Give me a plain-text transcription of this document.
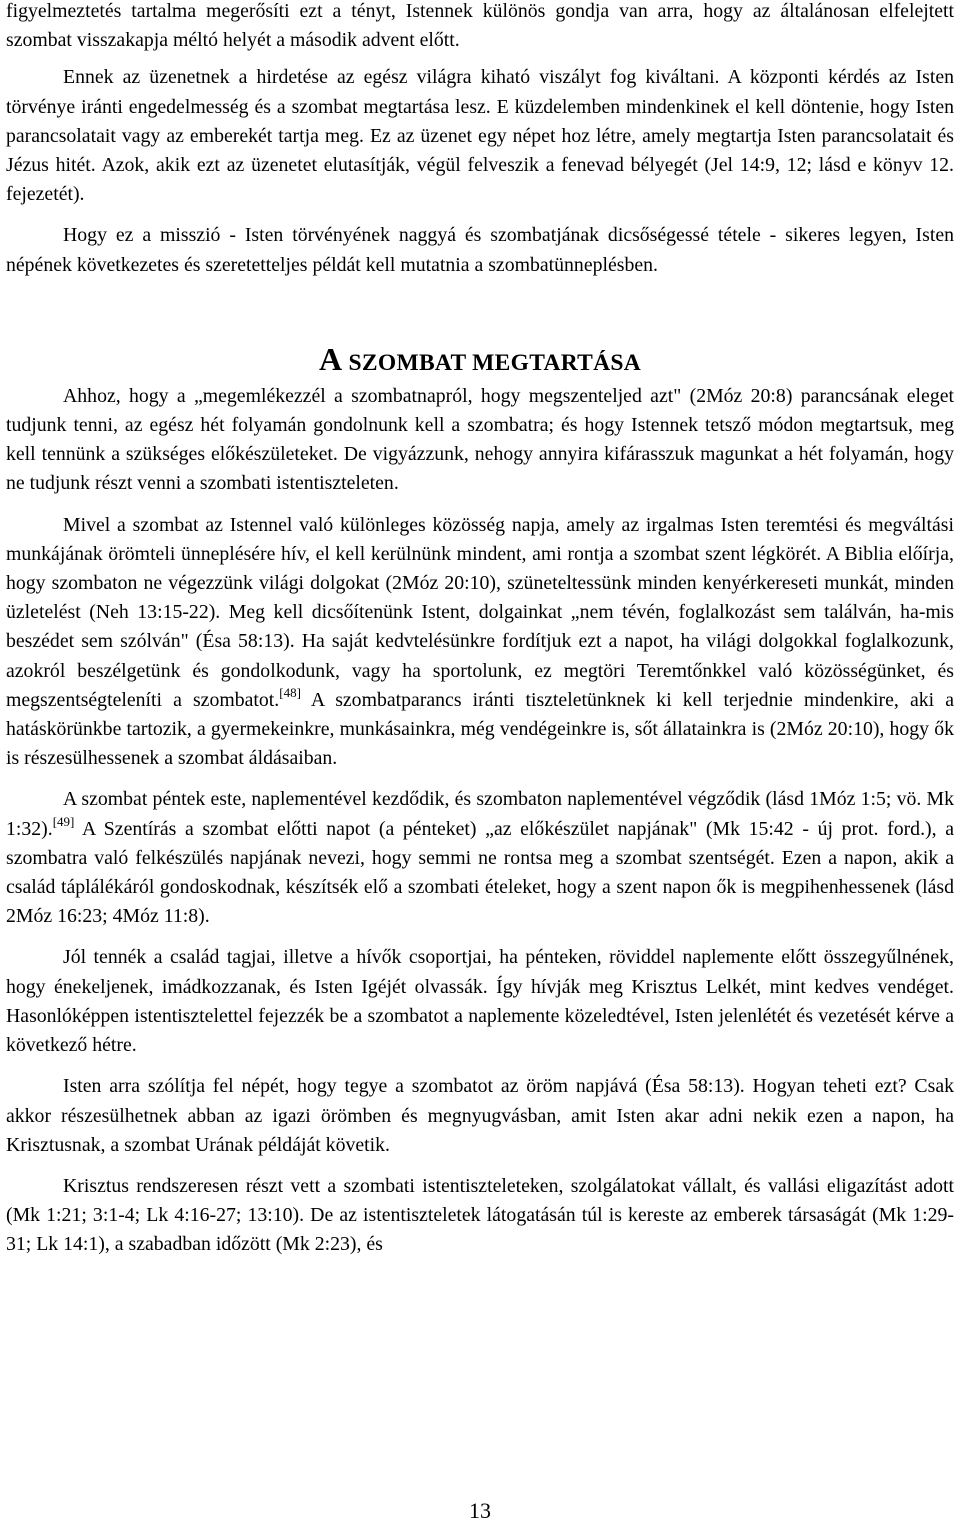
figyelmeztetés tartalma megerősíti ezt a tényt, Istennek különös gondja van arra, hogy az általánosan elfelejtett szombat visszakapja méltó helyét a második advent előtt.

Ennek az üzenetnek a hirdetése az egész világra kiható viszályt fog kiváltani. A központi kérdés az Isten törvénye iránti engedelmesség és a szombat megtartása lesz. E küzdelemben mindenkinek el kell döntenie, hogy Isten parancsolatait vagy az emberekét tartja meg. Ez az üzenet egy népet hoz létre, amely megtartja Isten parancsolatait és Jézus hitét. Azok, akik ezt az üzenetet elutasítják, végül felveszik a fenevad bélyegét (Jel 14:9, 12; lásd e könyv 12. fejezetét).

Hogy ez a misszió - Isten törvényének naggyá és szombatjának dicsőségessé tétele - sikeres legyen, Isten népének következetes és szeretetteljes példát kell mutatnia a szombatünneplésben.

A SZOMBAT MEGTARTÁSA

Ahhoz, hogy a „megemlékezzél a szombatnapról, hogy megszenteljed azt" (2Móz 20:8) parancsának eleget tudjunk tenni, az egész hét folyamán gondolnunk kell a szombatra; és hogy Istennek tetsző módon megtartsuk, meg kell tennünk a szükséges előkészületeket. De vigyázzunk, nehogy annyira kifárasszuk magunkat a hét folyamán, hogy ne tudjunk részt venni a szombati istentiszteleten.

Mivel a szombat az Istennel való különleges közösség napja, amely az irgalmas Isten teremtési és megváltási munkájának örömteli ünneplésére hív, el kell kerülnünk mindent, ami rontja a szombat szent légkörét. A Biblia előírja, hogy szombaton ne végezzünk világi dolgokat (2Móz 20:10), szüneteltessünk minden kenyérkereseti munkát, minden üzletelést (Neh 13:15-22). Meg kell dicsőítenünk Istent, dolgainkat „nem tévén, foglalkozást sem találván, ha-mis beszédet sem szólván" (Ésa 58:13). Ha saját kedvtelésünkre fordítjuk ezt a napot, ha világi dolgokkal foglalkozunk, azokról beszélgetünk és gondolkodunk, vagy ha sportolunk, ez megtöri Teremtőnkkel való közösségünket, és megszentségteleníti a szombatot.[48] A szombatparancs iránti tiszteletünknek ki kell terjednie mindenkire, aki a hatáskörünkbe tartozik, a gyermekeinkre, munkásainkra, még vendégeinkre is, sőt állatainkra is (2Móz 20:10), hogy ők is részesülhessenek a szombat áldásaiban.

A szombat péntek este, naplementével kezdődik, és szombaton naplementével végződik (lásd 1Móz 1:5; vö. Mk 1:32).[49] A Szentírás a szombat előtti napot (a pénteket) „az előkészület napjának" (Mk 15:42 - új prot. ford.), a szombatra való felkészülés napjának nevezi, hogy semmi ne rontsa meg a szombat szentségét. Ezen a napon, akik a család táplálékáról gondoskodnak, készítsék elő a szombati ételeket, hogy a szent napon ők is megpihenhessenek (lásd 2Móz 16:23; 4Móz 11:8).

Jól tennék a család tagjai, illetve a hívők csoportjai, ha pénteken, röviddel naplemente előtt összegyűlnének, hogy énekeljenek, imádkozzanak, és Isten Igéjét olvassák. Így hívják meg Krisztus Lelkét, mint kedves vendéget. Hasonlóképpen istentisztelettel fejezzék be a szombatot a naplemente közeledtével, Isten jelenlétét és vezetését kérve a következő hétre.

Isten arra szólítja fel népét, hogy tegye a szombatot az öröm napjává (Ésa 58:13). Hogyan teheti ezt? Csak akkor részesülhetnek abban az igazi örömben és megnyugvásban, amit Isten akar adni nekik ezen a napon, ha Krisztusnak, a szombat Urának példáját követik.

Krisztus rendszeresen részt vett a szombati istentiszteleteken, szolgálatokat vállalt, és vallási eligazítást adott (Mk 1:21; 3:1-4; Lk 4:16-27; 13:10). De az istentiszteletek látogatásán túl is kereste az emberek társaságát (Mk 1:29-31; Lk 14:1), a szabadban időzött (Mk 2:23), és

13
